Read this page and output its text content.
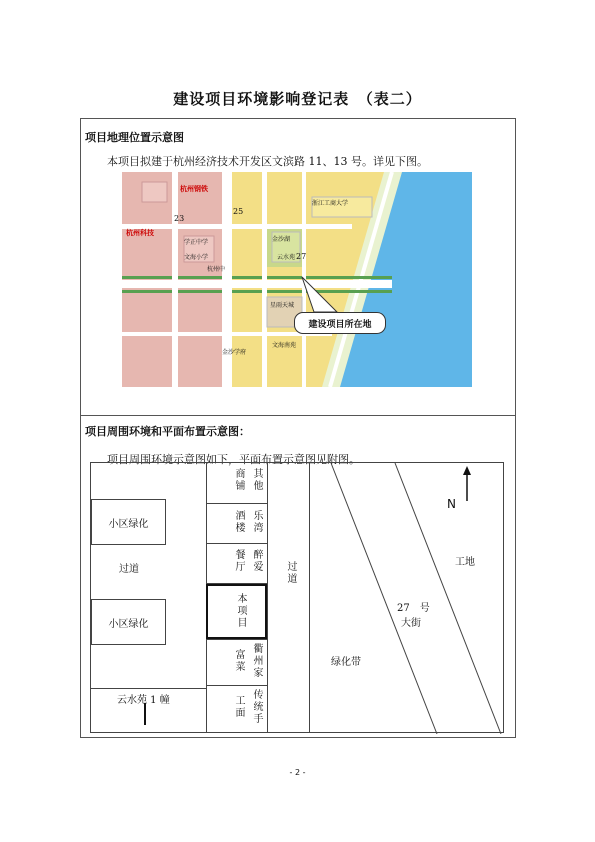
建设项目环境影响登记表　（表二）
项目地理位置示意图
本项目拟建于杭州经济技术开发区文滨路 11、13 号。详见下图。
项目周围环境和平面布置示意图：
项目周围环境示意图如下，平面布置示意图见附图。
23
25
27
浙江工商大学
学正中学
文海小学
杭州中
金沙湖
杭州科技
杭州钢铁
星雨天城
云水苑
文海南苑
金沙学府
建设项目所在地
小区绿化
小区绿化
过道
云水苑 1 幢
其他
商铺
乐湾
酒楼
醉爱
餐厅
本项目
衢州家
富菜
传统手
工面
过道
N
绿化带
27　号
大街
工地
- 2 -
